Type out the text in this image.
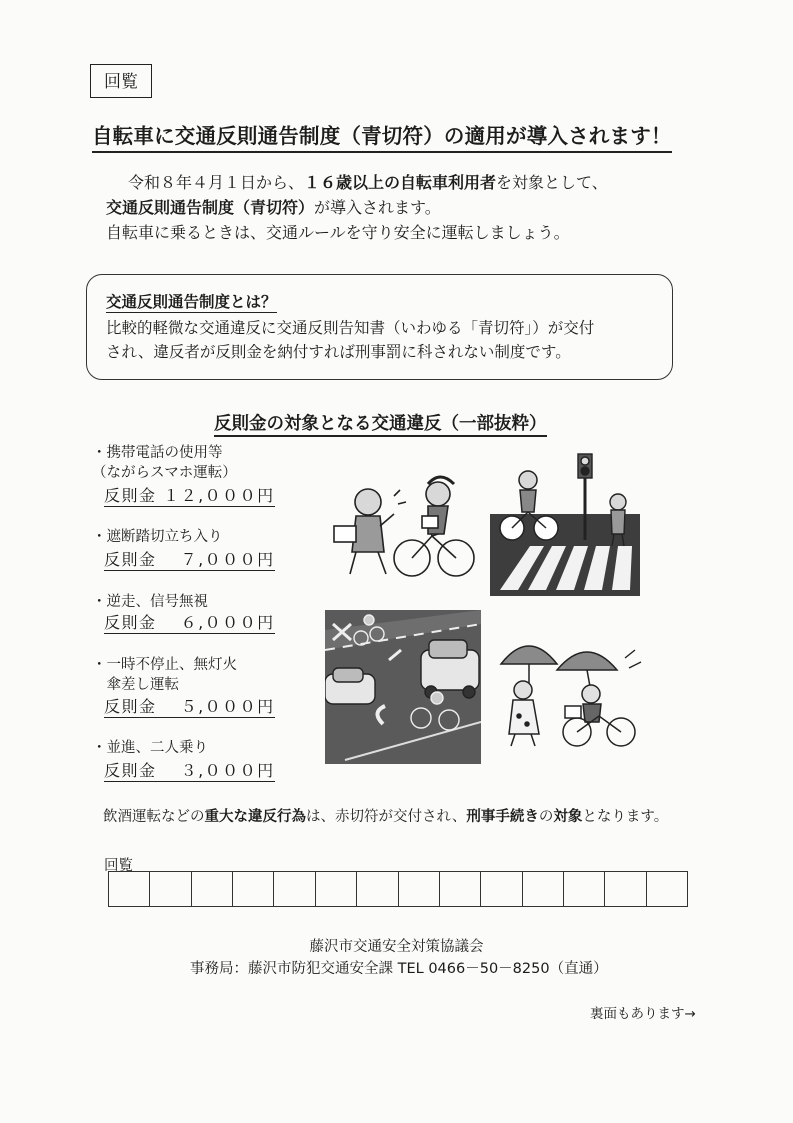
回覧
自転車に交通反則通告制度（青切符）の適用が導入されます！
令和８年４月１日から、１６歳以上の自転車利用者を対象として、
交通反則通告制度（青切符）が導入されます。
自転車に乗るときは、交通ルールを守り安全に運転しましょう。
交通反則通告制度とは？
比較的軽微な交通違反に交通反則告知書（いわゆる「青切符」）が交付
され、違反者が反則金を納付すれば刑事罰に科されない制度です。
反則金の対象となる交通違反（一部抜粋）
・携帯電話の使用等
（ながらスマホ運転）
反則金 １２,０００円
・遮断踏切立ち入り
反則金 　７,０００円
・逆走、信号無視
反則金 　６,０００円
・一時不停止、無灯火
　傘差し運転
反則金 　５,０００円
・並進、二人乗り
反則金 　３,０００円
飲酒運転などの重大な違反行為は、赤切符が交付され、刑事手続きの対象となります。
回覧
藤沢市交通安全対策協議会
事務局：藤沢市防犯交通安全課 TEL 0466－50－8250（直通）
裏面もあります→
